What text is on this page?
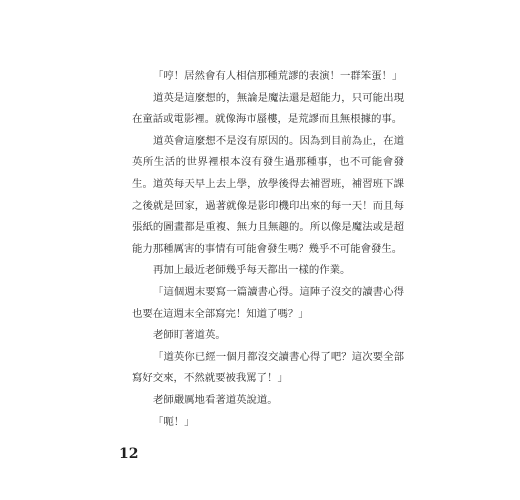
「哼！居然會有人相信那種荒謬的表演！一群笨蛋！」

道英是這麼想的，無論是魔法還是超能力，只可能出現在童話或電影裡。就像海市蜃樓，是荒謬而且無根據的事。

道英會這麼想不是沒有原因的。因為到目前為止，在道英所生活的世界裡根本沒有發生過那種事，也不可能會發生。道英每天早上去上學，放學後得去補習班，補習班下課之後就是回家，過著就像是影印機印出來的每一天！而且每張紙的圖畫都是重複、無力且無趣的。所以像是魔法或是超能力那種厲害的事情有可能會發生嗎？幾乎不可能會發生。

再加上最近老師幾乎每天都出一樣的作業。

「這個週末要寫一篇讀書心得。這陣子沒交的讀書心得也要在這週末全部寫完！知道了嗎？」

老師盯著道英。

「道英你已經一個月都沒交讀書心得了吧？這次要全部寫好交來，不然就要被我罵了！」

老師嚴厲地看著道英說道。

「呃！」

12
